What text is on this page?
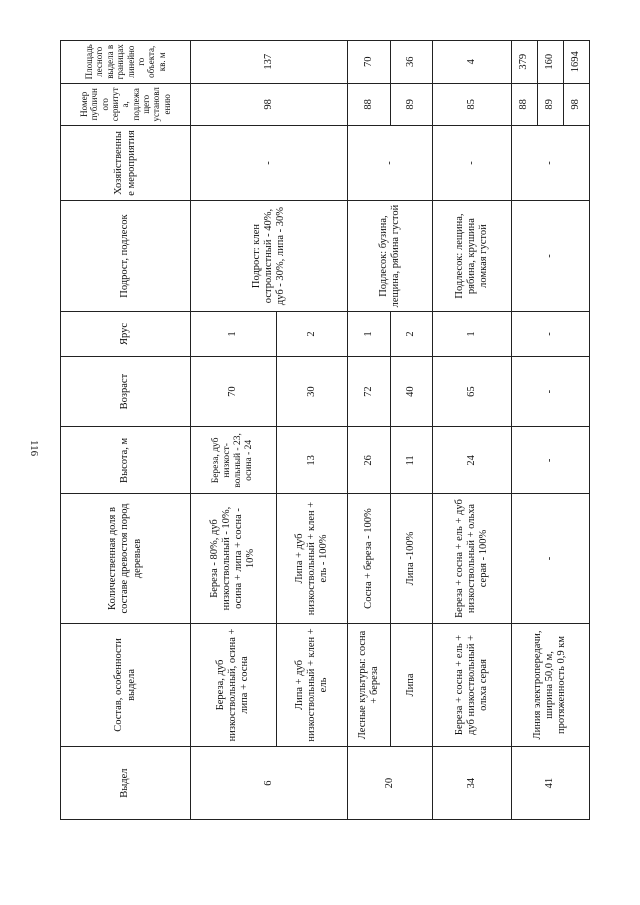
116
Выдел	Состав, особенности выдела	Количественная доля в составе древостоя пород деревьев	Высота, м	Возраст	Ярус	Подрост, подлесок	Хозяйственные мероприятия	Номер публичного сервитута, подлежащего установлению	Площадь лесного выдела в границах линейного объекта, кв. м
6	Береза, дуб низкоствольный, осина + липа + сосна	Береза - 80%, дуб низкоствольный - 10%, осина + липа + сосна - 10%	Береза, дуб низкост-вольный - 23, осина - 24	70	1	Подрост: клен остролистный - 40%, дуб - 30%, липа - 30%	-	98	137
	Липа + дуб низкоствольный + клен + ель	Липа + дуб низкоствольный + клен + ель - 100%	13	30	2				
20	Лесные культуры: сосна + береза	Сосна + береза - 100%	26	72	1	Подлесок: бузина, лещина, рябина густой	-	88	70
	Липа	Липа -100%	11	40	2			89	36
34	Береза + сосна + ель + дуб низкоствольный + ольха серая	Береза + сосна + ель + дуб низкоствольный + ольха серая - 100%	24	65	1	Подлесок: лещина, рябина, крушина ломкая густой	-	85	4
41	Линия электропередачи, ширина 50,0 м, протяженность 0,9 км	-	-	-	-	-	-	88	379
								89	160
								98	1694
